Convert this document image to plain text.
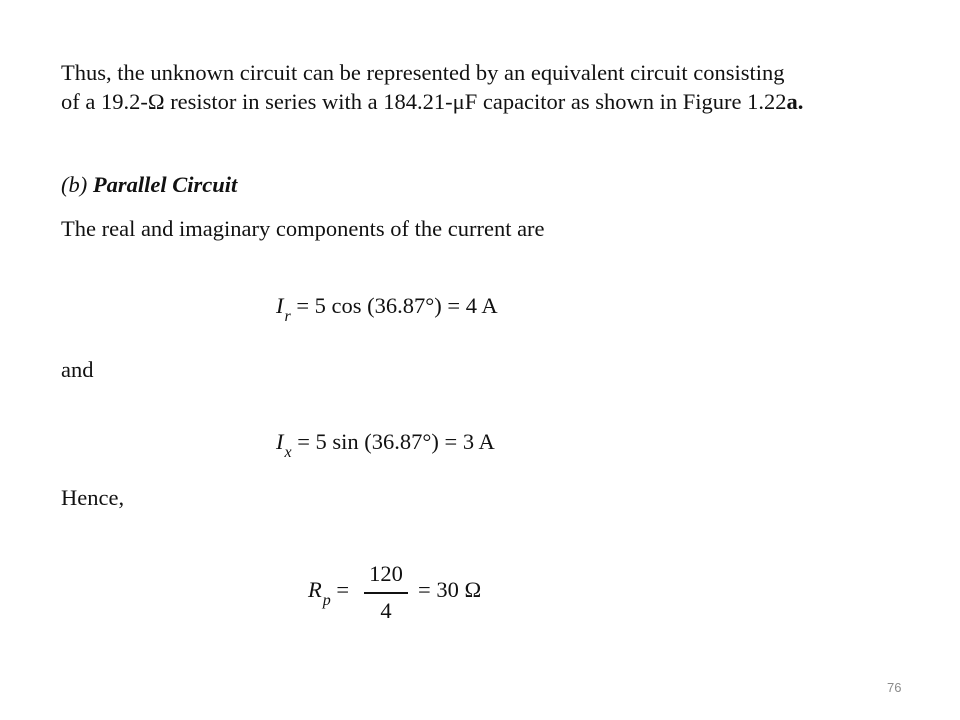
Thus, the unknown circuit can be represented by an equivalent circuit consisting
of a 19.2-Ω resistor in series with a 184.21-μF capacitor as shown in Figure 1.22a.
(b) Parallel Circuit
The real and imaginary components of the current are
$I_r = 5$ cos (36.87°) = 4 A
and
$I_x = 5$ sin (36.87°) = 3 A
Hence,
$R_p$ =
120
4
= 30 Ω
76
